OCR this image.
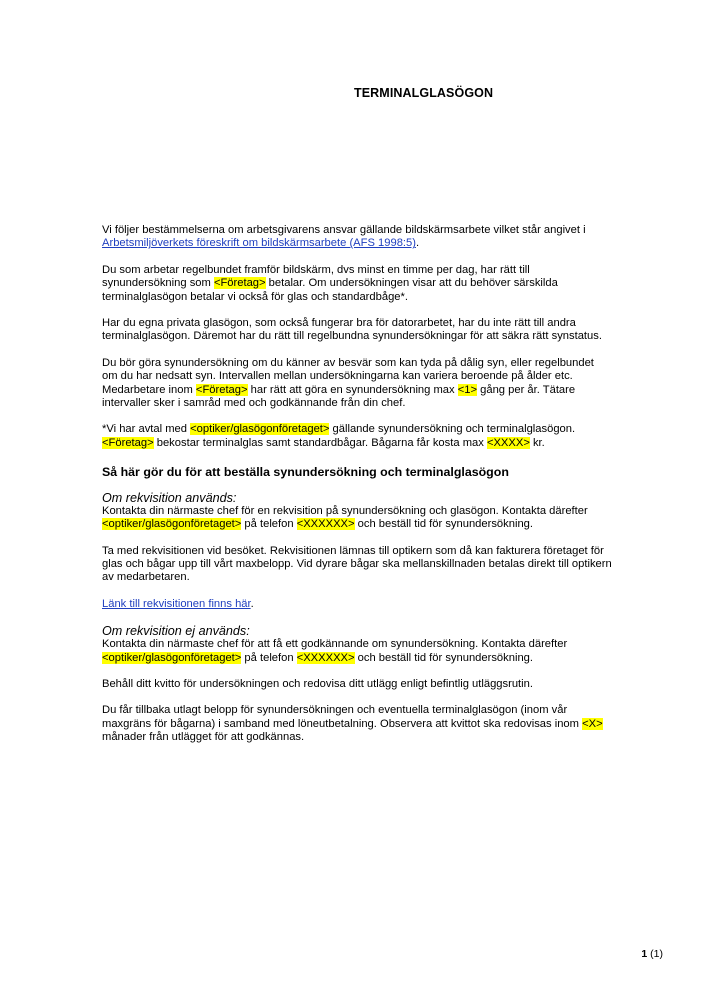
TERMINALGLASÖGON

Vi följer bestämmelserna om arbetsgivarens ansvar gällande bildskärmsarbete vilket står angivet i Arbetsmiljöverkets föreskrift om bildskärmsarbete (AFS 1998:5).

Du som arbetar regelbundet framför bildskärm, dvs minst en timme per dag, har rätt till synundersökning som <Företag> betalar. Om undersökningen visar att du behöver särskilda terminalglasögon betalar vi också för glas och standardbåge*.

Har du egna privata glasögon, som också fungerar bra för datorarbetet, har du inte rätt till andra terminalglasögon. Däremot har du rätt till regelbundna synundersökningar för att säkra rätt synstatus.

Du bör göra synundersökning om du känner av besvär som kan tyda på dålig syn, eller regelbundet om du har nedsatt syn. Intervallen mellan undersökningarna kan variera beroende på ålder etc. Medarbetare inom <Företag> har rätt att göra en synundersökning max <1> gång per år. Tätare intervaller sker i samråd med och godkännande från din chef.

*Vi har avtal med <optiker/glasögonföretaget> gällande synundersökning och terminalglasögon. <Företag> bekostar terminalglas samt standardbågar. Bågarna får kosta max <XXXX> kr.

Så här gör du för att beställa synundersökning och terminalglasögon
Om rekvisition används:

Kontakta din närmaste chef för en rekvisition på synundersökning och glasögon. Kontakta därefter <optiker/glasögonföretaget> på telefon <XXXXXX> och beställ tid för synundersökning.

Ta med rekvisitionen vid besöket. Rekvisitionen lämnas till optikern som då kan fakturera företaget för glas och bågar upp till vårt maxbelopp. Vid dyrare bågar ska mellanskillnaden betalas direkt till optikern av medarbetaren.

Länk till rekvisitionen finns här.

Om rekvisition ej används:

Kontakta din närmaste chef för att få ett godkännande om synundersökning. Kontakta därefter <optiker/glasögonföretaget> på telefon <XXXXXX> och beställ tid för synundersökning.

Behåll ditt kvitto för undersökningen och redovisa ditt utlägg enligt befintlig utläggsrutin.

Du får tillbaka utlagt belopp för synundersökningen och eventuella terminalglasögon (inom vår maxgräns för bågarna) i samband med löneutbetalning. Observera att kvittot ska redovisas inom <X> månader från utlägget för att godkännas.

1 (1)
